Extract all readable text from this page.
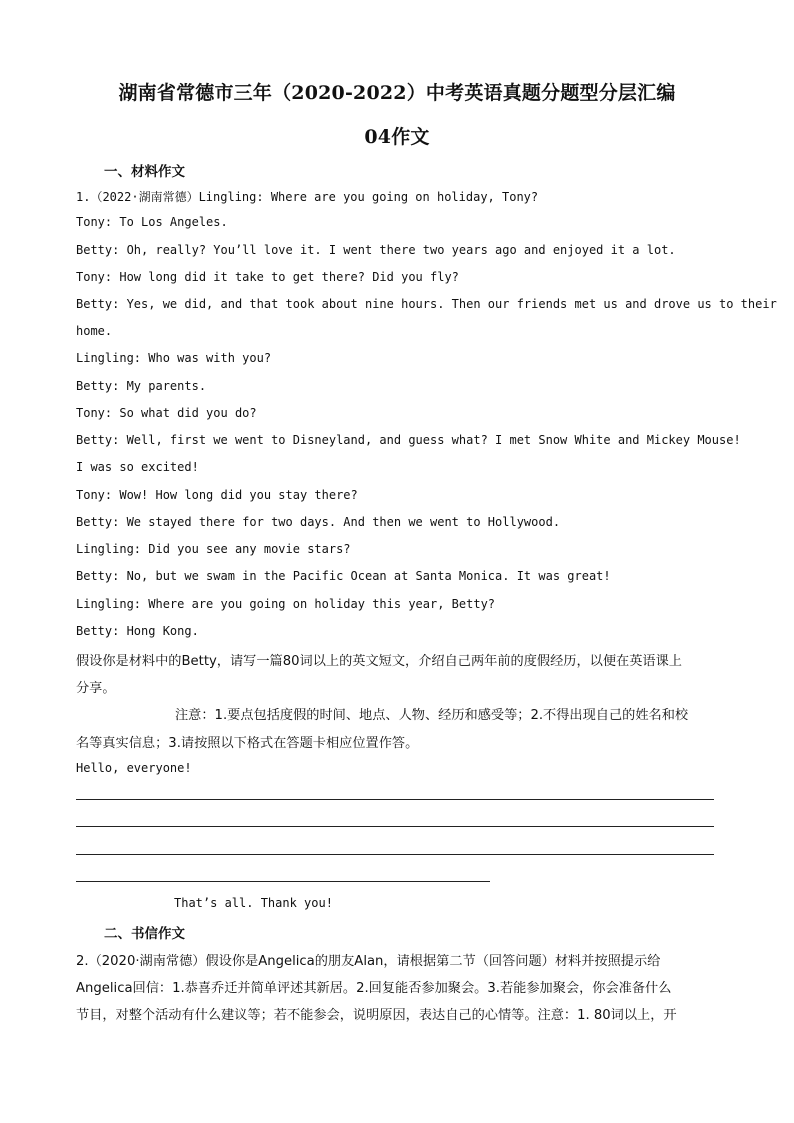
湖南省常德市三年（2020-2022）中考英语真题分题型分层汇编
04作文
一、材料作文
1.（2022·湖南常德）Lingling: Where are you going on holiday, Tony?
Tony: To Los Angeles.
Betty: Oh, really? You’ll love it. I went there two years ago and enjoyed it a lot.
Tony: How long did it take to get there? Did you fly?
Betty: Yes, we did, and that took about nine hours. Then our friends met us and drove us to their
home.
Lingling: Who was with you?
Betty: My parents.
Tony: So what did you do?
Betty: Well, first we went to Disneyland, and guess what? I met Snow White and Mickey Mouse!
I was so excited!
Tony: Wow! How long did you stay there?
Betty: We stayed there for two days. And then we went to Hollywood.
Lingling: Did you see any movie stars?
Betty: No, but we swam in the Pacific Ocean at Santa Monica. It was great!
Lingling: Where are you going on holiday this year, Betty?
Betty: Hong Kong.
假设你是材料中的Betty，请写一篇80词以上的英文短文，介绍自己两年前的度假经历，以便在英语课上
分享。
注意：1.要点包括度假的时间、地点、人物、经历和感受等；2.不得出现自己的姓名和校
名等真实信息；3.请按照以下格式在答题卡相应位置作答。
Hello, everyone!
That’s all. Thank you!
二、书信作文
2.（2020·湖南常德）假设你是Angelica的朋友Alan，请根据第二节（回答问题）材料并按照提示给
Angelica回信：1.恭喜乔迁并简单评述其新居。2.回复能否参加聚会。3.若能参加聚会，你会准备什么
节目，对整个活动有什么建议等；若不能参会，说明原因，表达自己的心情等。注意：1. 80词以上，开
